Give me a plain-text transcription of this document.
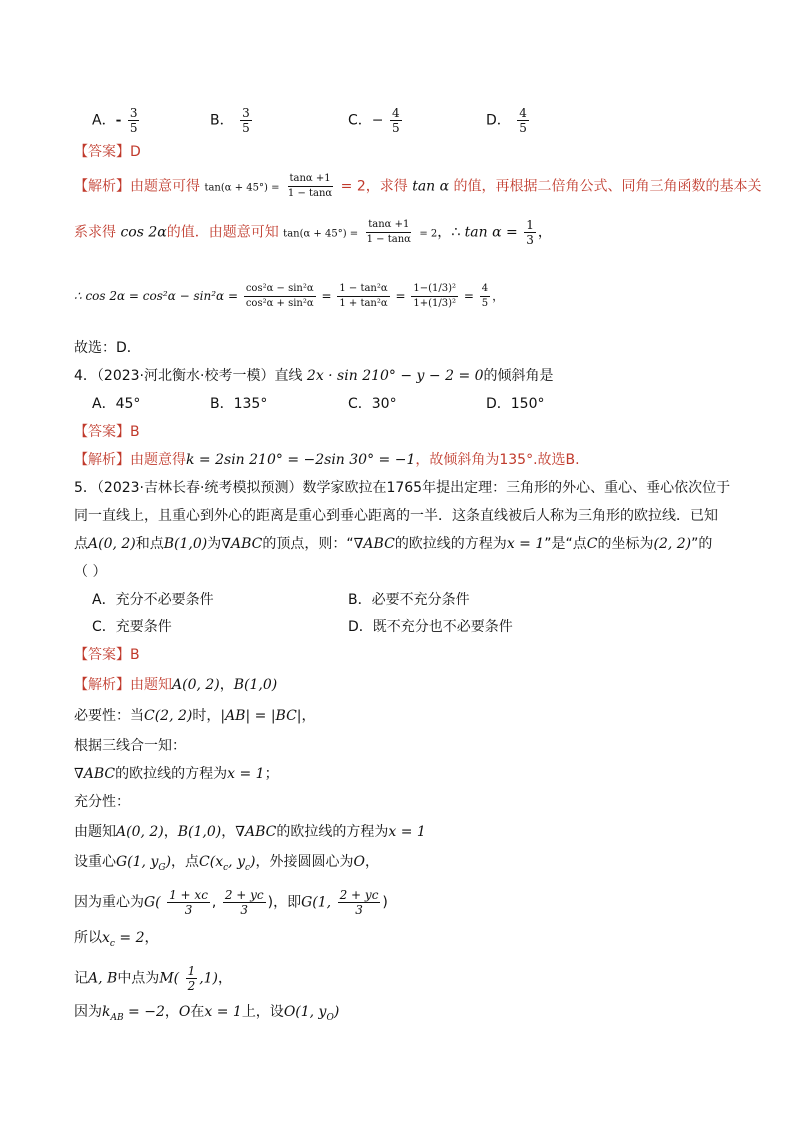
A．- $\frac{3}{5}$	B． $\frac{3}{5}$	C．− $\frac{4}{5}$	D． $\frac{4}{5}$
【答案】D
【解析】由题意可得 $\tan(\alpha + 45^\circ) = \frac{\tan\alpha +1}{1 - \tan\alpha} = 2$，求得 tan α 的值，再根据二倍角公式、同角三角函数的基本关
系求得 cos 2α的值．由题意可知 $\tan(\alpha + 45^\circ) = \frac{\tan\alpha +1}{1 - \tan\alpha} = 2$，∴ $\tan \alpha = \frac{1}{3}$ ，
∴ $\cos 2\alpha = \cos^2\alpha - \sin^2\alpha = \frac{\text{cos²α − sin²α}}{\text{cos²α + sin²α}} = \frac{\text{1 − tan²α}}{\text{1 + tan²α}} = \frac{\text{1−(1/3)²}}{\text{1+(1/3)²}} = \frac{4}{5}$ ，
故选：D．
4．（2023·河北衡水·校考一模）直线 2x · sin 210° − y − 2 = 0的倾斜角是
A．45°	B．135°	C．30°	D．150°
【答案】B
【解析】由题意得k = 2sin 210° = −2sin 30° = −1，故倾斜角为135°.故选B.
5．（2023·吉林长春·统考模拟预测）数学家欧拉在1765年提出定理：三角形的外心、重心、垂心依次位于
同一直线上，且重心到外心的距离是重心到垂心距离的一半．这条直线被后人称为三角形的欧拉线．已知
点A(0, 2)和点B(1,0)为∇ABC的顶点，则：“∇ABC的欧拉线的方程为x = 1”是“点C的坐标为(2, 2)”的
（ ）
A．充分不必要条件	B．必要不充分条件
C．充要条件	D．既不充分也不必要条件
【答案】B
【解析】由题知A(0, 2)，B(1,0)
必要性：当C(2, 2)时，|AB| = |BC|，
根据三线合一知：
∇ABC的欧拉线的方程为x = 1；
充分性：
由题知A(0, 2)，B(1,0)，∇ABC的欧拉线的方程为x = 1
设重心G(1, $y_G$)，点$C(x_c$, $y_c$)，外接圆圆心为O，
因为重心为$G( \frac{1 + xc}{3}$ , $\frac{2 + yc}{3}$ )，即G(1, $\frac{2 + yc}{3}$ )
所以$x_c = 2$，
记A, B中点为$M( \frac{1}{2} ,1)$，
因为$k_{AB} = -2$，O在x = 1上，设O(1, $y_O$)
